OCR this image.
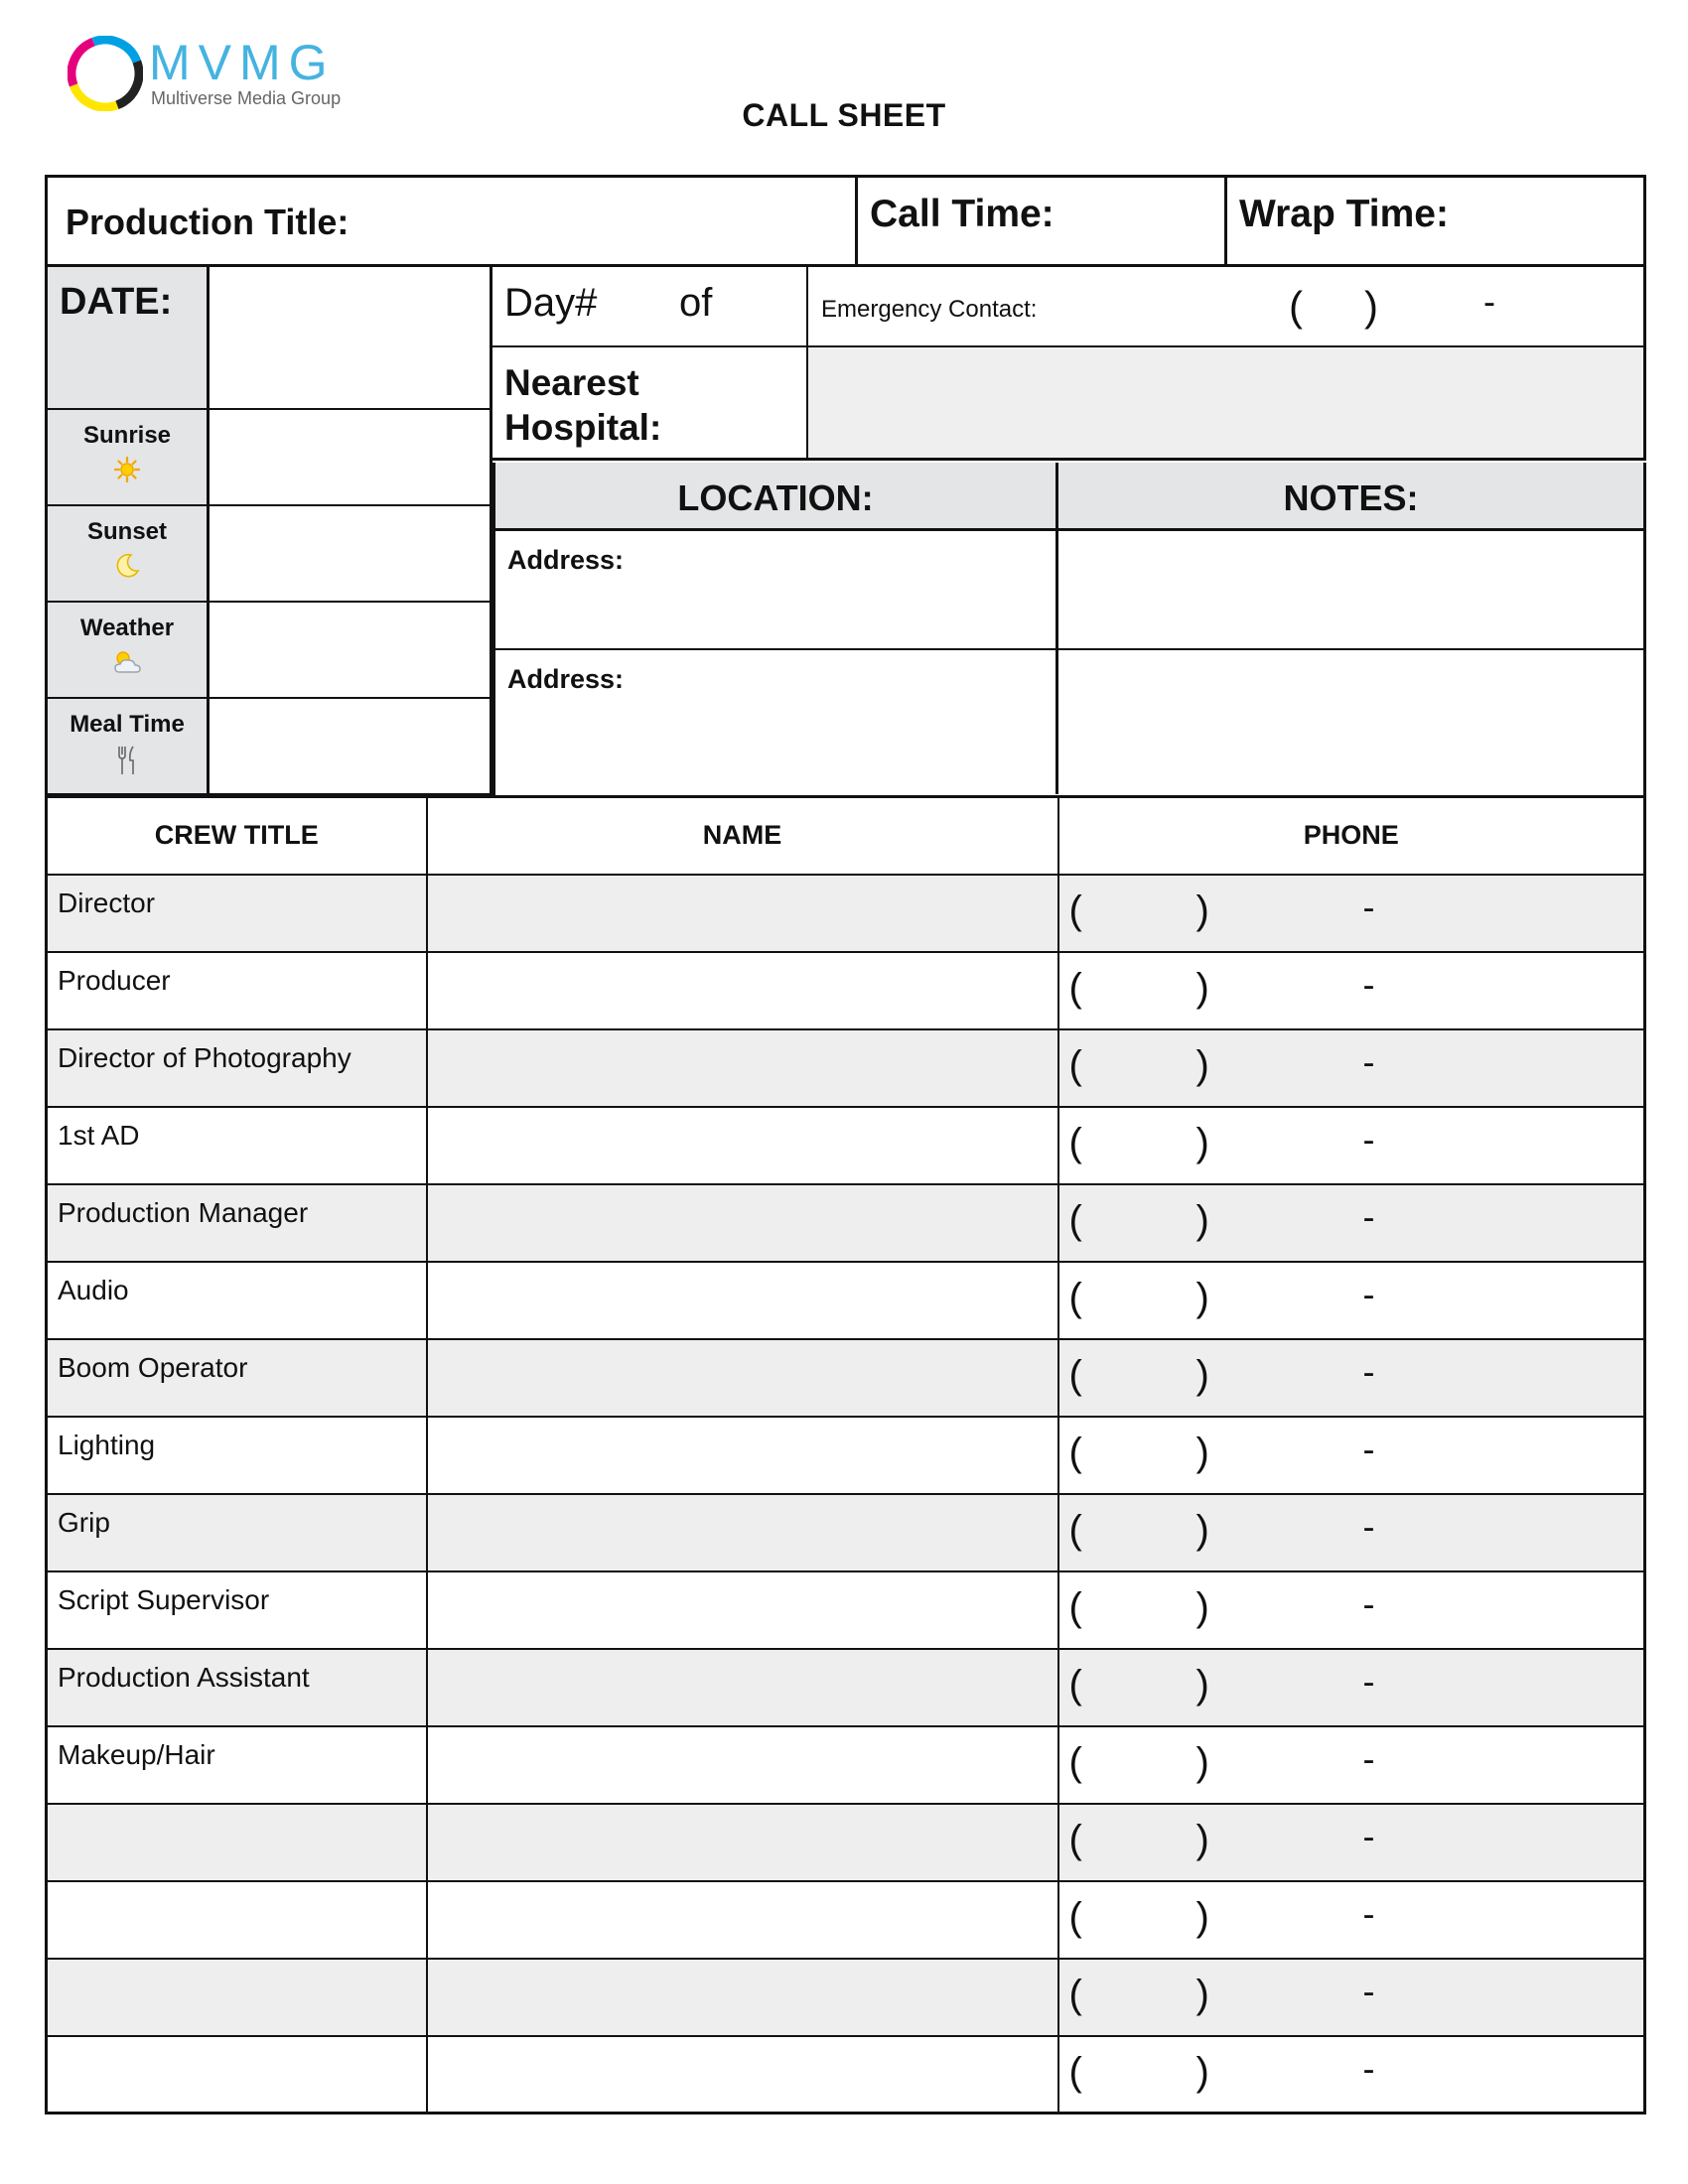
MVMG
Multiverse Media Group	CALL SHEET
Production Title:	Call Time:	Wrap Time:
DATE:
Sunrise
Sunset
Weather
Meal Time
Day# of	Emergency Contact:	( )	-
Nearest
Hospital:
LOCATION:	NOTES:
Address:
Address:
CREW TITLE	NAME	PHONE
Director		( ) -

Producer		( ) -

Director of Photography		( ) -

1st AD		( ) -

Production Manager		( ) -

Audio		( ) -

Boom Operator		( ) -

Lighting		( ) -

Grip		( ) -

Script Supervisor		( ) -

Production Assistant		( ) -

Makeup/Hair		( ) -

		( ) -

		( ) -

		( ) -

		( ) -
